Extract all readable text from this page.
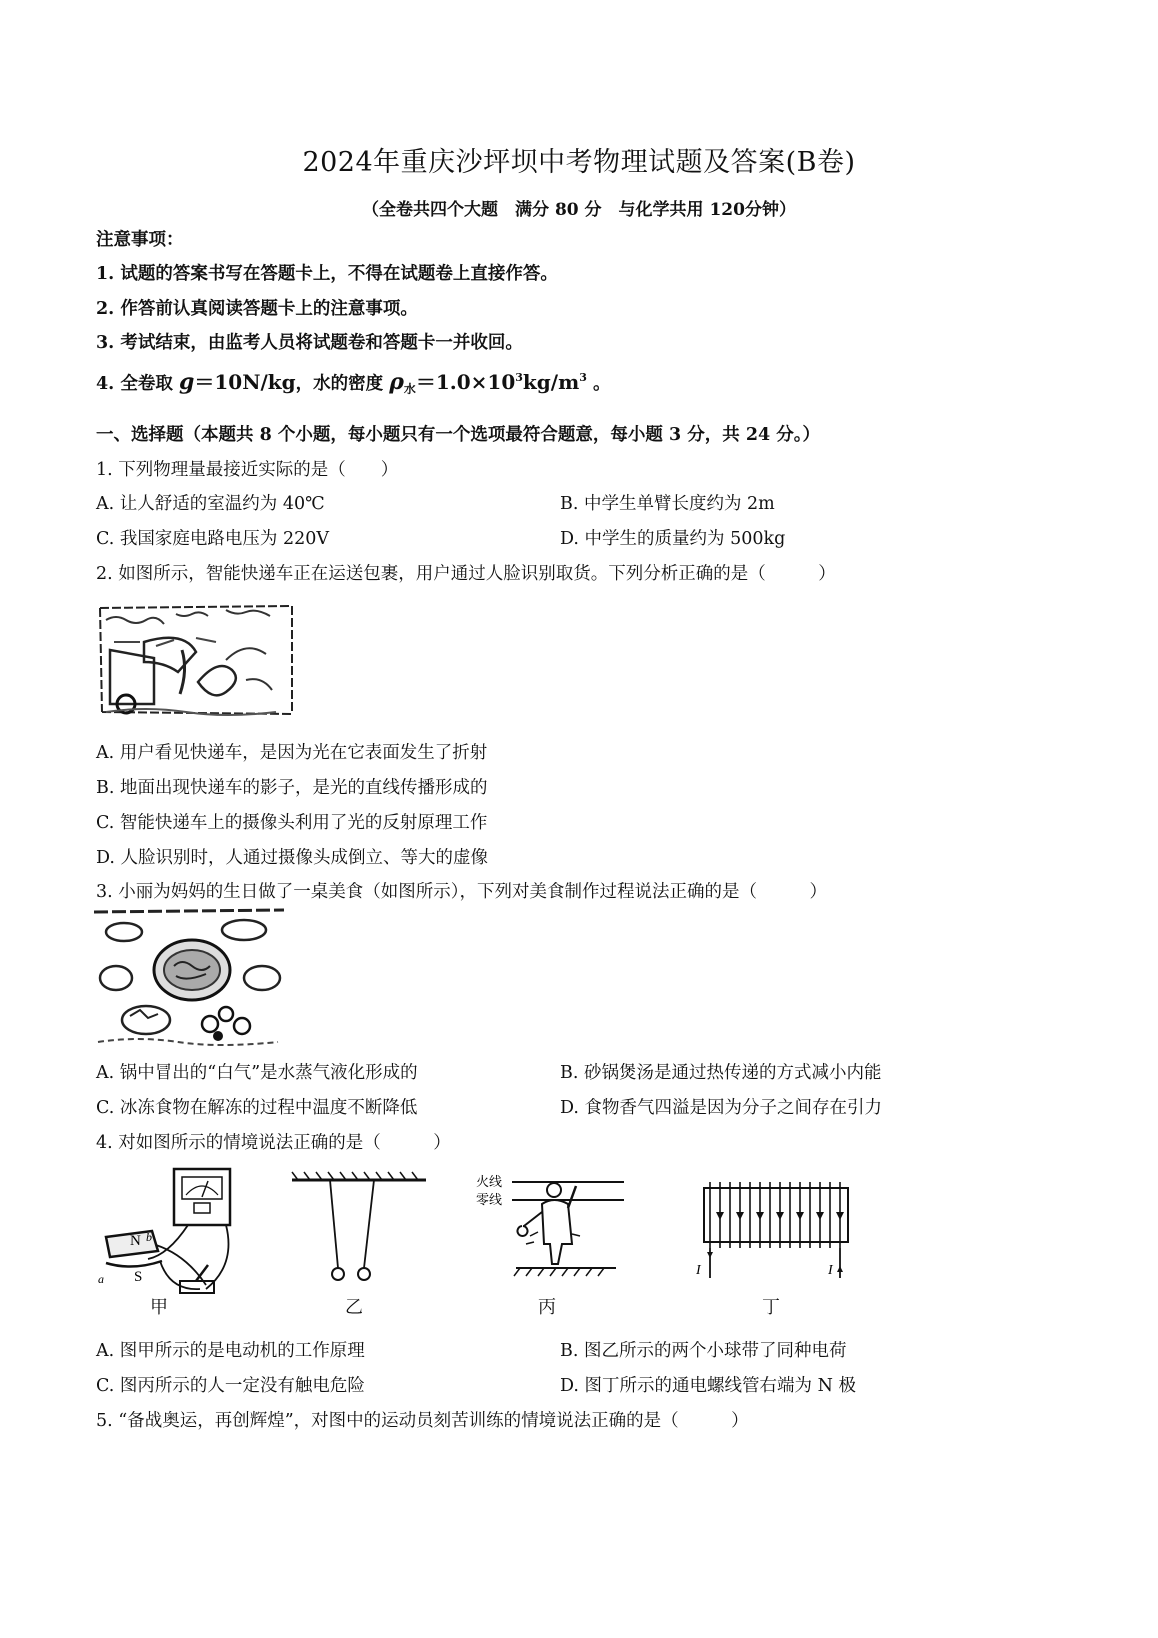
2024年重庆沙坪坝中考物理试题及答案(B卷)
（全卷共四个大题　满分 80 分　与化学共用 120分钟）
注意事项：
1. 试题的答案书写在答题卡上，不得在试题卷上直接作答。
2. 作答前认真阅读答题卡上的注意事项。
3. 考试结束，由监考人员将试题卷和答题卡一并收回。
4. 全卷取 g＝10N/kg，水的密度 $\rho_水=1.0\times 10^3kg/m^3$ 。
一、选择题（本题共 8 个小题，每小题只有一个选项最符合题意，每小题 3 分，共 24 分。）
1. 下列物理量最接近实际的是（　　）
A. 让人舒适的室温约为 40℃	B. 中学生单臂长度约为 2m
C. 我国家庭电路电压为 220V	D. 中学生的质量约为 500kg
2. 如图所示，智能快递车正在运送包裹，用户通过人脸识别取货。下列分析正确的是（　　　）
A. 用户看见快递车，是因为光在它表面发生了折射
B. 地面出现快递车的影子，是光的直线传播形成的
C. 智能快递车上的摄像头利用了光的反射原理工作
D. 人脸识别时，人通过摄像头成倒立、等大的虚像
3. 小丽为妈妈的生日做了一桌美食（如图所示），下列对美食制作过程说法正确的是（　　　）
A. 锅中冒出的“白气”是水蒸气液化形成的	B. 砂锅煲汤是通过热传递的方式减小内能
C. 冰冻食物在解冻的过程中温度不断降低	D. 食物香气四溢是因为分子之间存在引力
4. 对如图所示的情境说法正确的是（　　　）
N b
S
a
甲	乙
火线
零线
丙
I	I
丁
A. 图甲所示的是电动机的工作原理	B. 图乙所示的两个小球带了同种电荷
C. 图丙所示的人一定没有触电危险	D. 图丁所示的通电螺线管右端为 N 极
5. “备战奥运，再创辉煌”，对图中的运动员刻苦训练的情境说法正确的是（　　　）
